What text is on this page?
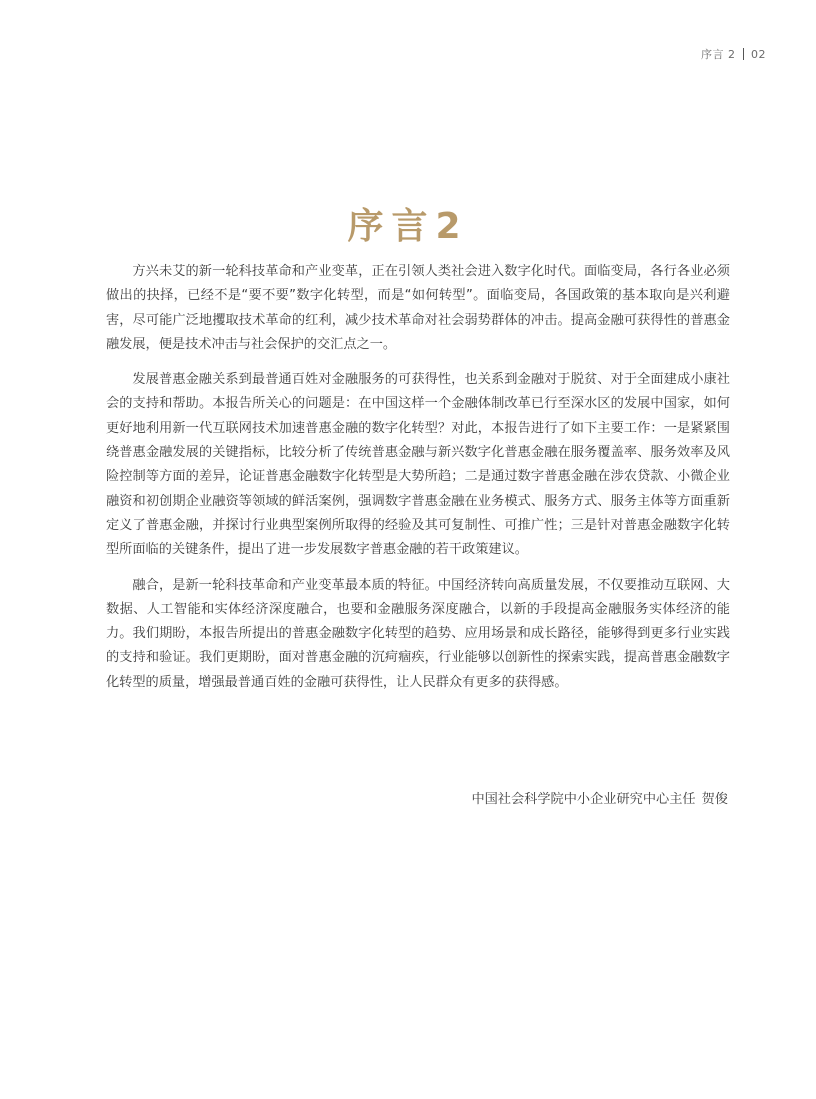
序言 2 02
序言2

方兴未艾的新一轮科技革命和产业变革，正在引领人类社会进入数字化时代。面临变局，各行各业必须做出的抉择，已经不是“要不要”数字化转型，而是“如何转型”。面临变局，各国政策的基本取向是兴利避害，尽可能广泛地攫取技术革命的红利，减少技术革命对社会弱势群体的冲击。提高金融可获得性的普惠金融发展，便是技术冲击与社会保护的交汇点之一。

发展普惠金融关系到最普通百姓对金融服务的可获得性，也关系到金融对于脱贫、对于全面建成小康社会的支持和帮助。本报告所关心的问题是：在中国这样一个金融体制改革已行至深水区的发展中国家，如何更好地利用新一代互联网技术加速普惠金融的数字化转型？对此，本报告进行了如下主要工作：一是紧紧围绕普惠金融发展的关键指标，比较分析了传统普惠金融与新兴数字化普惠金融在服务覆盖率、服务效率及风险控制等方面的差异，论证普惠金融数字化转型是大势所趋；二是通过数字普惠金融在涉农贷款、小微企业融资和初创期企业融资等领域的鲜活案例，强调数字普惠金融在业务模式、服务方式、服务主体等方面重新定义了普惠金融，并探讨行业典型案例所取得的经验及其可复制性、可推广性；三是针对普惠金融数字化转型所面临的关键条件，提出了进一步发展数字普惠金融的若干政策建议。

融合，是新一轮科技革命和产业变革最本质的特征。中国经济转向高质量发展，不仅要推动互联网、大数据、人工智能和实体经济深度融合，也要和金融服务深度融合，以新的手段提高金融服务实体经济的能力。我们期盼，本报告所提出的普惠金融数字化转型的趋势、应用场景和成长路径，能够得到更多行业实践的支持和验证。我们更期盼，面对普惠金融的沉疴痼疾，行业能够以创新性的探索实践，提高普惠金融数字化转型的质量，增强最普通百姓的金融可获得性，让人民群众有更多的获得感。

中国社会科学院中小企业研究中心主任 贺俊
